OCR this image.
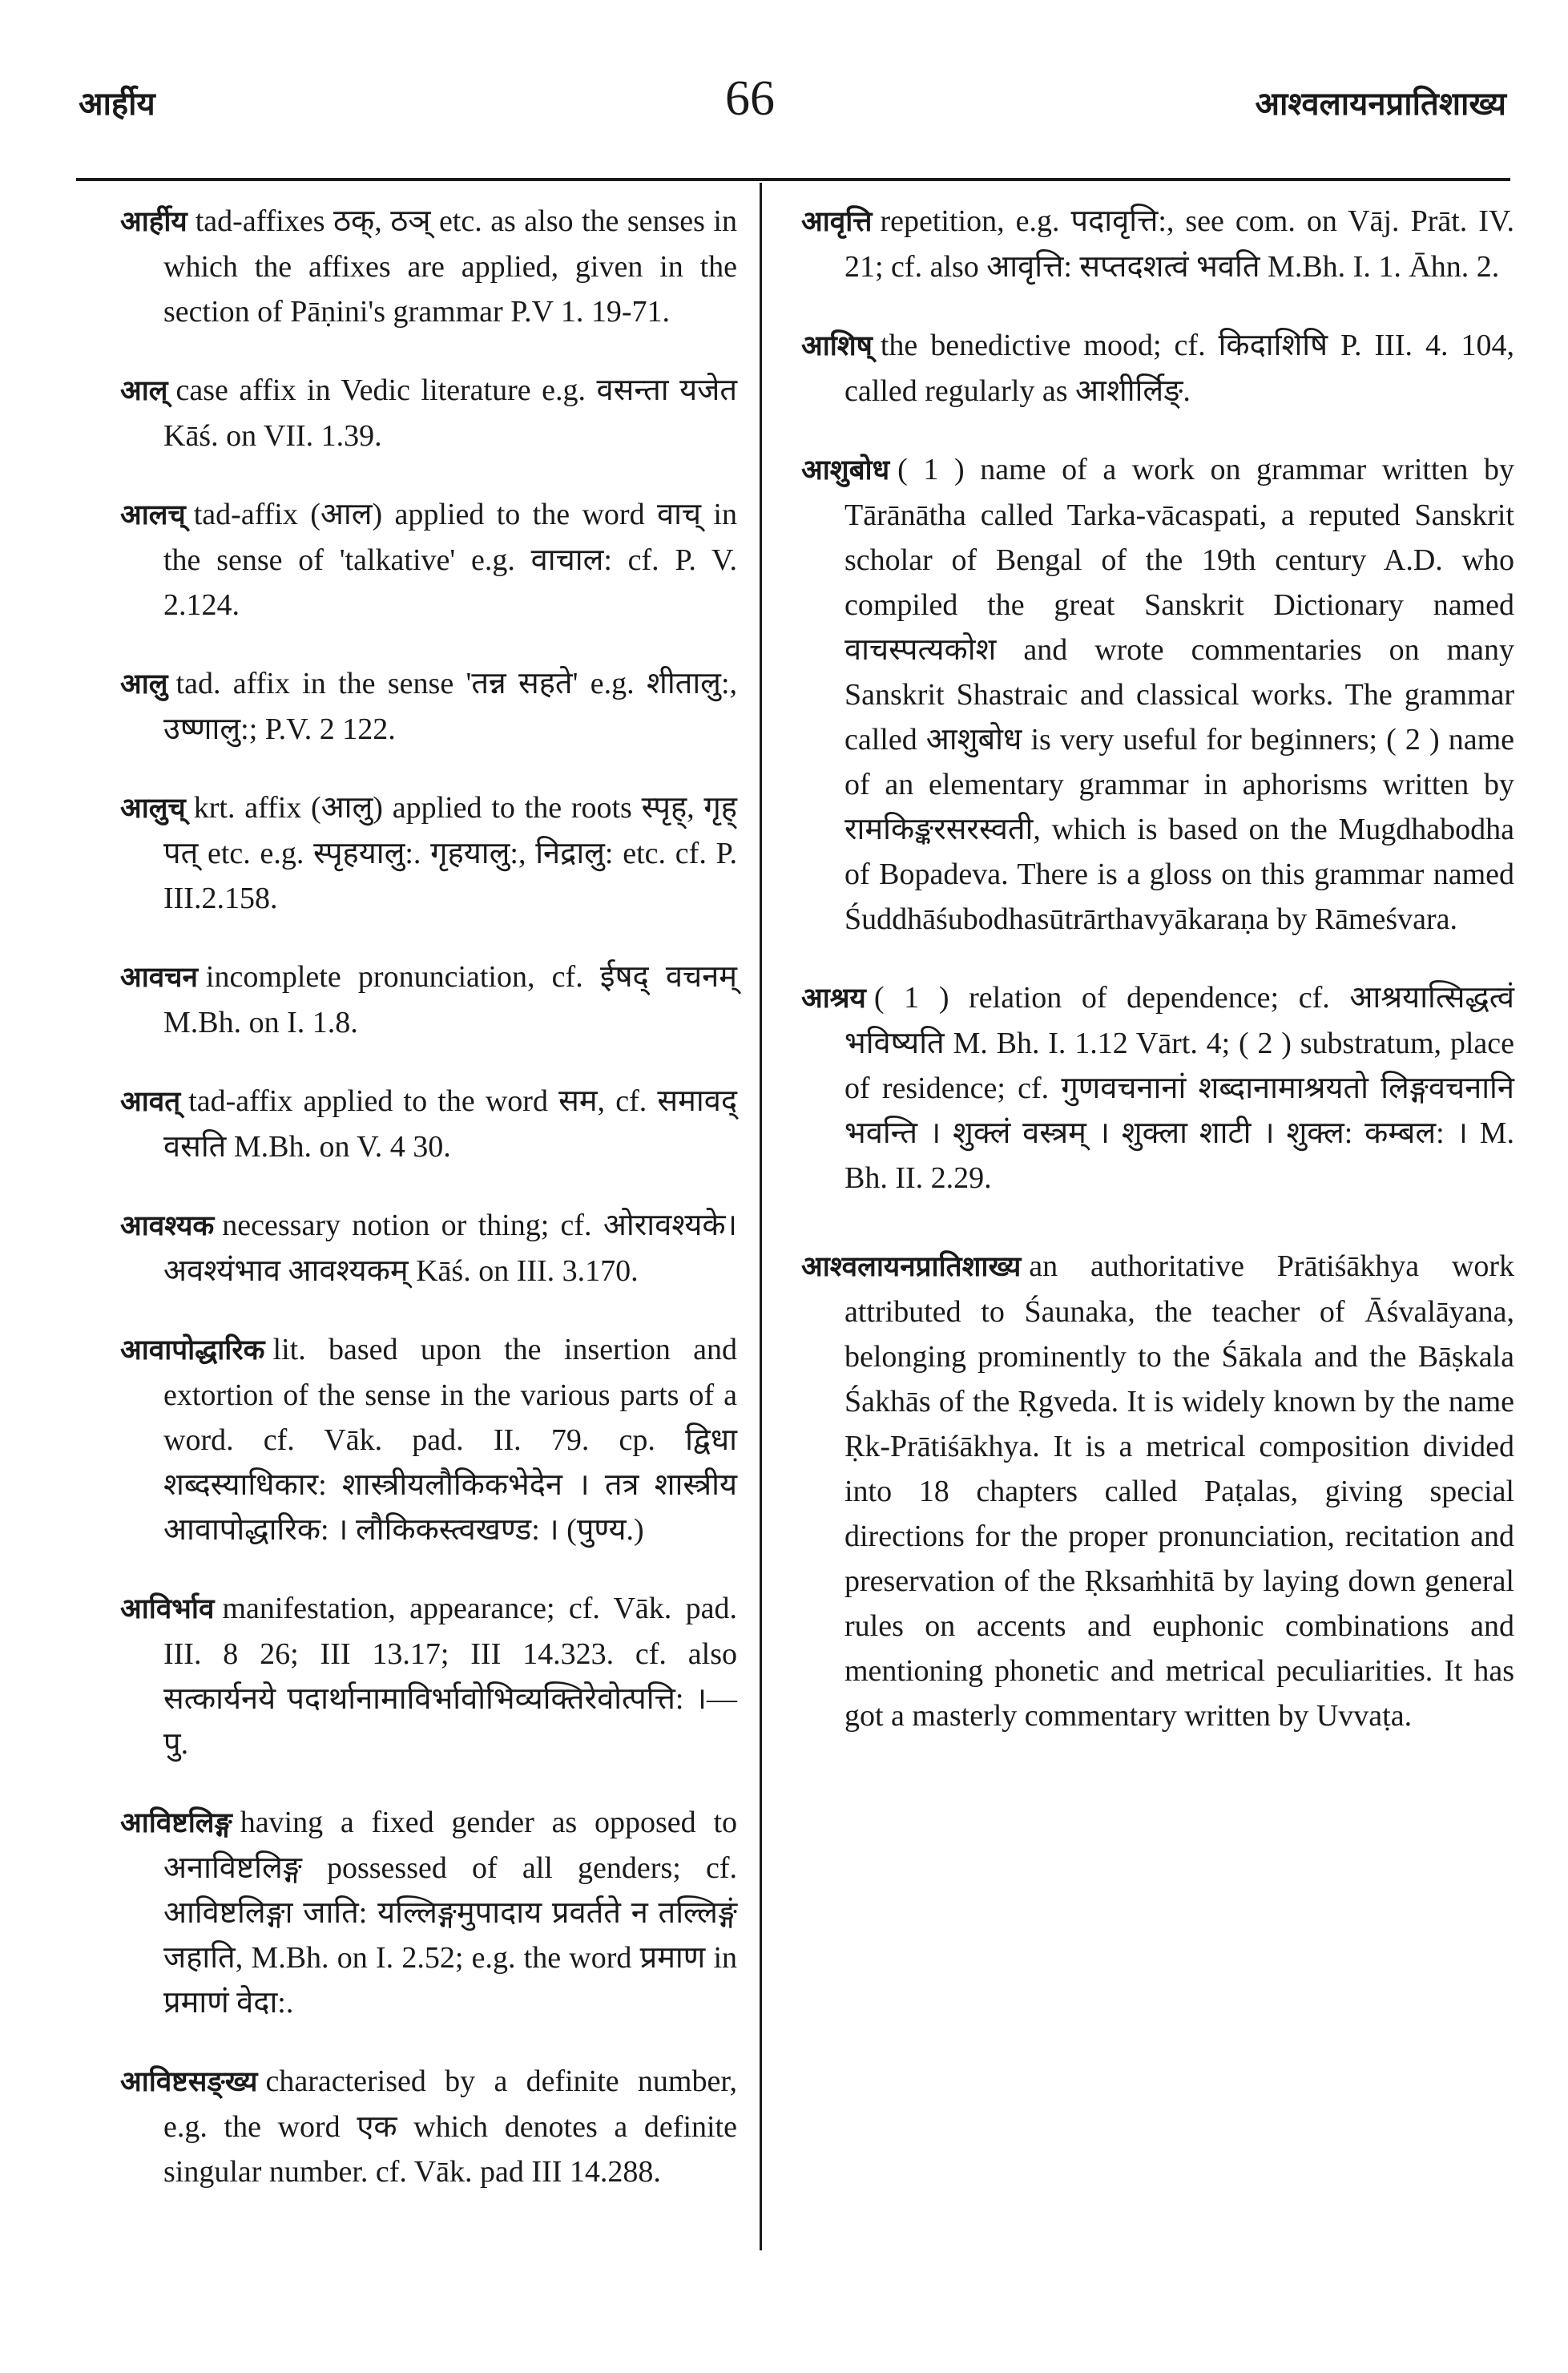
आर्हीय	66	आश्वलायनप्रातिशाख्य

आर्हीय tad-affixes ठक्, ठञ् etc. as also the senses in which the affixes are applied, given in the section of Pāṇini's grammar P.V 1. 19-71.

आल् case affix in Vedic literature e.g. वसन्ता यजेत Kāś. on VII. 1.39.

आलच् tad-affix (आल) applied to the word वाच् in the sense of 'talkative' e.g. वाचाल: cf. P. V. 2.124.

आलु tad. affix in the sense 'तन्न सहते' e.g. शीतालु:, उष्णालु:; P.V. 2 122.

आलुच् krt. affix (आलु) applied to the roots स्पृह्, गृह् पत् etc. e.g. स्पृहयालु:. गृहयालु:, निद्रालु: etc. cf. P. III.2.158.

आवचन incomplete pronunciation, cf. ईषद् वचनम् M.Bh. on I. 1.8.

आवत् tad-affix applied to the word सम, cf. समावद् वसति M.Bh. on V. 4 30.

आवश्यक necessary notion or thing; cf. ओरावश्यके। अवश्यंभाव आवश्यकम् Kāś. on III. 3.170.

आवापोद्धारिक lit. based upon the insertion and extortion of the sense in the various parts of a word. cf. Vāk. pad. II. 79. cp. द्विधा शब्दस्याधिकार: शास्त्रीयलौकिकभेदेन । तत्र शास्त्रीय आवापोद्धारिक: । लौकिकस्त्वखण्ड: । (पुण्य.)

आविर्भाव manifestation, appearance; cf. Vāk. pad. III. 8 26; III 13.17; III 14.323. cf. also सत्कार्यनये पदार्थानामाविर्भावोभिव्यक्तिरेवोत्पत्ति: ।—पु.

आविष्टलिङ्ग having a fixed gender as opposed to अनाविष्टलिङ्ग possessed of all genders; cf. आविष्टलिङ्गा जाति: यल्लिङ्गमुपादाय प्रवर्तते न तल्लिङ्गं जहाति, M.Bh. on I. 2.52; e.g. the word प्रमाण in प्रमाणं वेदा:.

आविष्टसङ्ख्य characterised by a definite number, e.g. the word एक which denotes a definite singular number. cf. Vāk. pad III 14.288.

आवृत्ति repetition, e.g. पदावृत्ति:, see com. on Vāj. Prāt. IV. 21; cf. also आवृत्ति: सप्तदशत्वं भवति M.Bh. I. 1. Āhn. 2.

आशिष् the benedictive mood; cf. किदाशिषि P. III. 4. 104, called regularly as आशीर्लिङ्.

आशुबोध ( 1 ) name of a work on grammar written by Tārānātha called Tarka-vācaspati, a reputed Sanskrit scholar of Bengal of the 19th century A.D. who compiled the great Sanskrit Dictionary named वाचस्पत्यकोश and wrote commentaries on many Sanskrit Shastraic and classical works. The grammar called आशुबोध is very useful for beginners; ( 2 ) name of an elementary grammar in aphorisms written by रामकिङ्करसरस्वती, which is based on the Mugdhabodha of Bopadeva. There is a gloss on this grammar named Śuddhāśubodhasūtrārthavyākaraṇa by Rāmeśvara.

आश्रय ( 1 ) relation of dependence; cf. आश्रयात्सिद्धत्वं भविष्यति M. Bh. I. 1.12 Vārt. 4; ( 2 ) substratum, place of residence; cf. गुणवचनानां शब्दानामाश्रयतो लिङ्गवचनानि भवन्ति । शुक्लं वस्त्रम् । शुक्ला शाटी । शुक्ल: कम्बल: । M. Bh. II. 2.29.

आश्वलायनप्रातिशाख्य an authoritative Prātiśākhya work attributed to Śaunaka, the teacher of Āśvalāyana, belonging prominently to the Śākala and the Bāṣkala Śakhās of the Ṛgveda. It is widely known by the name Ṛk-Prātiśākhya. It is a metrical composition divided into 18 chapters called Paṭalas, giving special directions for the proper pronunciation, recitation and preservation of the Ṛksaṁhitā by laying down general rules on accents and euphonic combinations and mentioning phonetic and metrical peculiarities. It has got a masterly commentary written by Uvvaṭa.
